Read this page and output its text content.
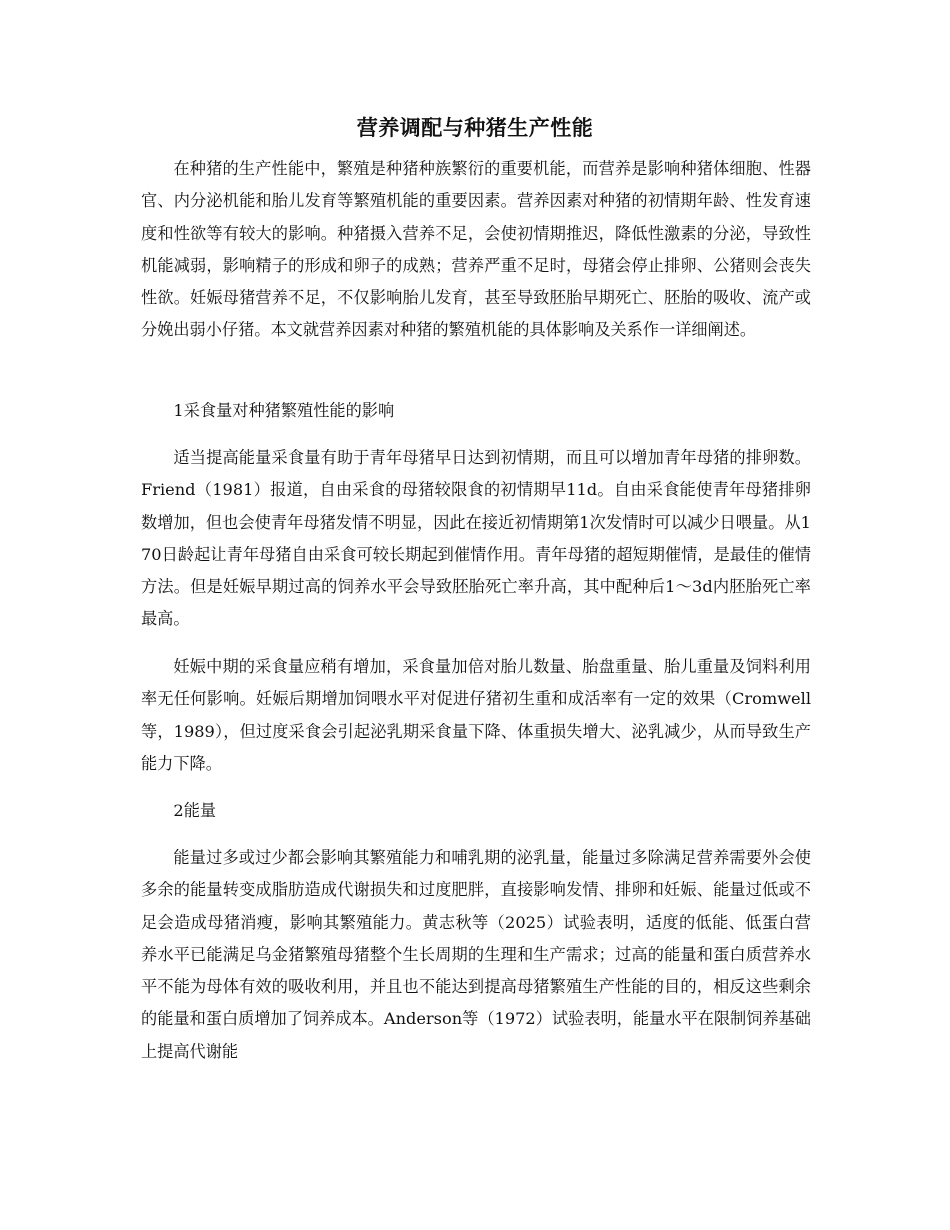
营养调配与种猪生产性能

在种猪的生产性能中，繁殖是种猪种族繁衍的重要机能，而营养是影响种猪体细胞、性器官、内分泌机能和胎儿发育等繁殖机能的重要因素。营养因素对种猪的初情期年龄、性发育速度和性欲等有较大的影响。种猪摄入营养不足，会使初情期推迟，降低性激素的分泌，导致性机能减弱，影响精子的形成和卵子的成熟；营养严重不足时，母猪会停止排卵、公猪则会丧失性欲。妊娠母猪营养不足，不仅影响胎儿发育，甚至导致胚胎早期死亡、胚胎的吸收、流产或分娩出弱小仔猪。本文就营养因素对种猪的繁殖机能的具体影响及关系作一详细阐述。

1采食量对种猪繁殖性能的影响

适当提高能量采食量有助于青年母猪早日达到初情期，而且可以增加青年母猪的排卵数。Friend（1981）报道，自由采食的母猪较限食的初情期早11d。自由采食能使青年母猪排卵数增加，但也会使青年母猪发情不明显，因此在接近初情期第1次发情时可以减少日喂量。从170日龄起让青年母猪自由采食可较长期起到催情作用。青年母猪的超短期催情，是最佳的催情方法。但是妊娠早期过高的饲养水平会导致胚胎死亡率升高，其中配种后1～3d内胚胎死亡率最高。

妊娠中期的采食量应稍有增加，采食量加倍对胎儿数量、胎盘重量、胎儿重量及饲料利用率无任何影响。妊娠后期增加饲喂水平对促进仔猪初生重和成活率有一定的效果（Cromwell等，1989），但过度采食会引起泌乳期采食量下降、体重损失增大、泌乳减少，从而导致生产能力下降。

2能量

能量过多或过少都会影响其繁殖能力和哺乳期的泌乳量，能量过多除满足营养需要外会使多余的能量转变成脂肪造成代谢损失和过度肥胖，直接影响发情、排卵和妊娠、能量过低或不足会造成母猪消瘦，影响其繁殖能力。黄志秋等（2025）试验表明，适度的低能、低蛋白营养水平已能满足乌金猪繁殖母猪整个生长周期的生理和生产需求；过高的能量和蛋白质营养水平不能为母体有效的吸收利用，并且也不能达到提高母猪繁殖生产性能的目的，相反这些剩余的能量和蛋白质增加了饲养成本。Anderson等（1972）试验表明，能量水平在限制饲养基础上提高代谢能
